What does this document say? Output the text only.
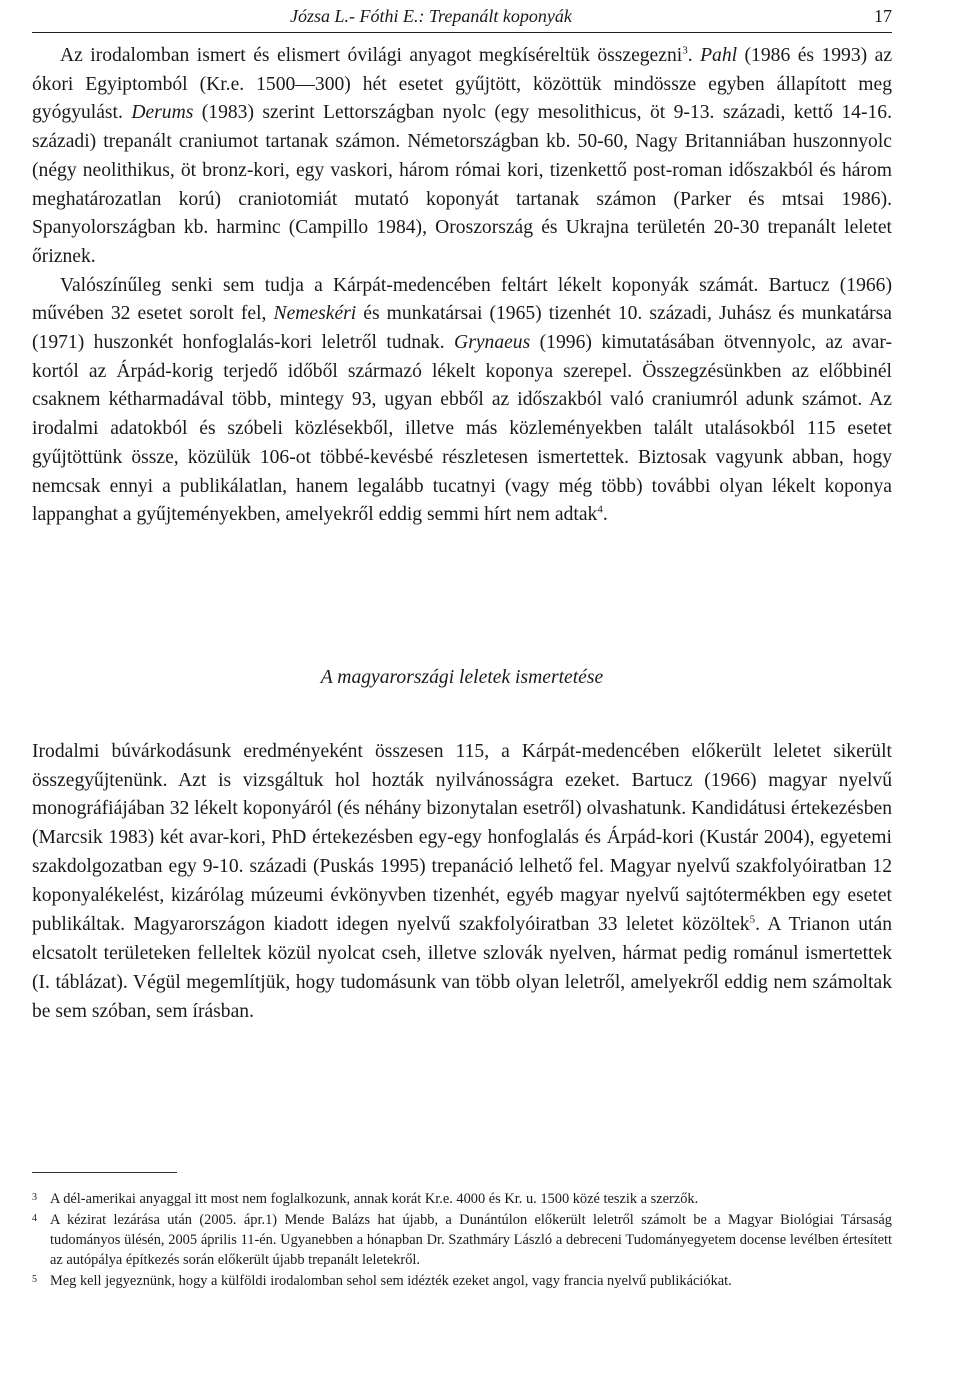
Józsa L.- Fóthi E.: Trepanált koponyák	17

Az irodalomban ismert és elismert óvilági anyagot megkíséreltük összegezni$^3$. Pahl (1986 és 1993) az ókori Egyiptomból (Kr.e. 1500—300) hét esetet gyűjtött, közöttük mindössze egyben állapított meg gyógyulást. Derums (1983) szerint Lettországban nyolc (egy mesolithicus, öt 9-13. századi, kettő 14-16. századi) trepanált craniumot tartanak számon. Németországban kb. 50-60, Nagy Britanniában huszonnyolc (négy neolithikus, öt bronz-kori, egy vaskori, három római kori, tizenkettő post-roman időszakból és három meghatározatlan korú) craniotomiát mutató koponyát tartanak számon (Parker és mtsai 1986). Spanyolországban kb. harminc (Campillo 1984), Oroszország és Ukrajna területén 20-30 trepanált leletet őriznek.

Valószínűleg senki sem tudja a Kárpát-medencében feltárt lékelt koponyák számát. Bartucz (1966) művében 32 esetet sorolt fel, Nemeskéri és munkatársai (1965) tizenhét 10. századi, Juhász és munkatársa (1971) huszonkét honfoglalás-kori leletről tudnak. Grynaeus (1996) kimutatásában ötvennyolc, az avar-kortól az Árpád-korig terjedő időből származó lékelt koponya szerepel. Összegzésünkben az előbbinél csaknem kétharmadával több, mintegy 93, ugyan ebből az időszakból való craniumról adunk számot. Az irodalmi adatokból és szóbeli közlésekből, illetve más közleményekben talált utalásokból 115 esetet gyűjtöttünk össze, közülük 106-ot többé-kevésbé részletesen ismertettek. Biztosak vagyunk abban, hogy nemcsak ennyi a publikálatlan, hanem legalább tucatnyi (vagy még több) további olyan lékelt koponya lappanghat a gyűjteményekben, amelyekről eddig semmi hírt nem adtak$^4$.

A magyarországi leletek ismertetése

Irodalmi búvárkodásunk eredményeként összesen 115, a Kárpát-medencében előkerült leletet sikerült összegyűjtenünk. Azt is vizsgáltuk hol hozták nyilvánosságra ezeket. Bartucz (1966) magyar nyelvű monográfiájában 32 lékelt koponyáról (és néhány bizonytalan esetről) olvashatunk. Kandidátusi értekezésben (Marcsik 1983) két avar-kori, PhD értekezésben egy-egy honfoglalás és Árpád-kori (Kustár 2004), egyetemi szakdolgozatban egy 9-10. századi (Puskás 1995) trepanáció lelhető fel. Magyar nyelvű szakfolyóiratban 12 koponyalékelést, kizárólag múzeumi évkönyvben tizenhét, egyéb magyar nyelvű sajtótermékben egy esetet publikáltak. Magyarországon kiadott idegen nyelvű szakfolyóiratban 33 leletet közöltek$^5$. A Trianon után elcsatolt területeken felleltek közül nyolcat cseh, illetve szlovák nyelven, hármat pedig románul ismertettek (I. táblázat). Végül megemlítjük, hogy tudomásunk van több olyan leletről, amelyekről eddig nem számoltak be sem szóban, sem írásban.

3 A dél-amerikai anyaggal itt most nem foglalkozunk, annak korát Kr.e. 4000 és Kr. u. 1500 közé teszik a szerzők.

4 A kézirat lezárása után (2005. ápr.1) Mende Balázs hat újabb, a Dunántúlon előkerült leletről számolt be a Magyar Biológiai Társaság tudományos ülésén, 2005 április 11-én. Ugyanebben a hónapban Dr. Szathmáry László a debreceni Tudományegyetem docense levélben értesített az autópálya építkezés során előkerült újabb trepanált leletekről.

5 Meg kell jegyeznünk, hogy a külföldi irodalomban sehol sem idézték ezeket angol, vagy francia nyelvű publikációkat.
